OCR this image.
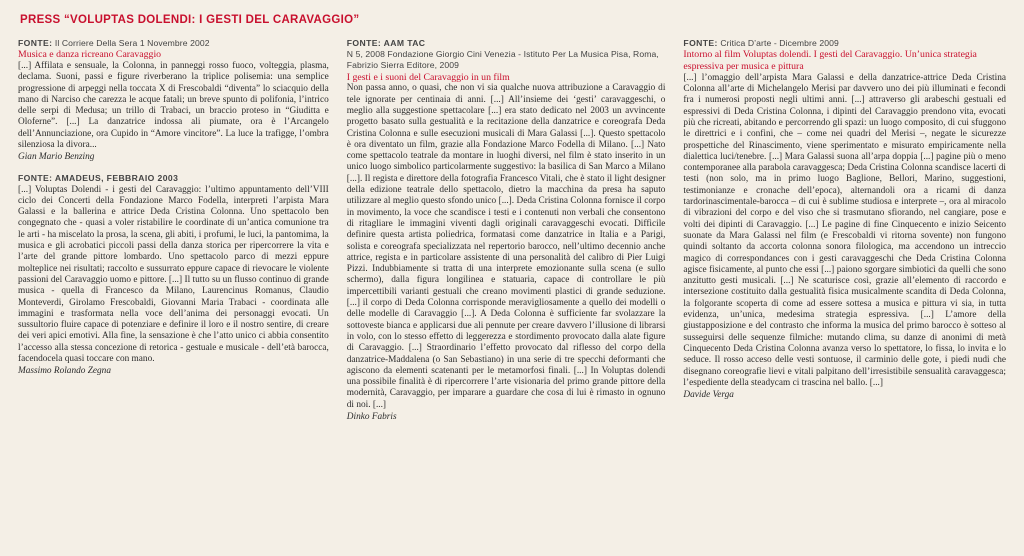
PRESS “VOLUPTAS DOLENDI: I GESTI DEL CARAVAGGIO”
FONTE: Il Corriere Della Sera 1 Novembre 2002
Musica e danza ricreano Caravaggio
[...] Affilata e sensuale, la Colonna, in panneggi rosso fuoco, volteggia, plasma, declama. Suoni, passi e figure riverberano la triplice polisemia: una semplice progressione di arpeggi nella toccata X di Frescobaldi “diventa” lo sciacquio della mano di Narciso che carezza le acque fatali; un breve spunto di polifonia, l’intrico delle serpi di Medusa; un trillo di Trabaci, un braccio proteso in “Giuditta e Oloferne”. [...] La danzatrice indossa ali piumate, ora è l’Arcangelo dell’Annunciazione, ora Cupido in “Amore vincitore”. La luce la trafigge, l’ombra silenziosa la divora...
Gian Mario Benzing
FONTE: AMADEUS, FEBBRAIO 2003
[...] Voluptas Dolendi - i gesti del Caravaggio: l’ultimo appuntamento dell’VIII ciclo dei Concerti della Fondazione Marco Fodella, interpreti l’arpista Mara Galassi e la ballerina e attrice Deda Cristina Colonna. Uno spettacolo ben congegnato che - quasi a voler ristabilire le coordinate di un’antica comunione tra le arti - ha miscelato la prosa, la scena, gli abiti, i profumi, le luci, la pantomima, la musica e gli acrobatici piccoli passi della danza storica per ripercorrere la vita e l’arte del grande pittore lombardo. Uno spettacolo parco di mezzi eppure molteplice nei risultati; raccolto e sussurrato eppure capace di rievocare le violente passioni del Caravaggio uomo e pittore. [...] Il tutto su un flusso continuo di grande musica - quella di Francesco da Milano, Laurencinus Romanus, Claudio Monteverdi, Girolamo Frescobaldi, Giovanni Maria Trabaci - coordinata alle immagini e trasformata nella voce dell’anima dei personaggi evocati. Un sussultorio fluire capace di potenziare e definire il loro e il nostro sentire, di creare dei veri apici emotivi. Alla fine, la sensazione è che l’atto unico ci abbia consentito l’accesso alla stessa concezione di retorica - gestuale e musicale - dell’età barocca, facendocela quasi toccare con mano.
Massimo Rolando Zegna
FONTE: AAM TAC
N 5, 2008 Fondazione Giorgio Cini Venezia - Istituto Per La Musica Pisa, Roma, Fabrizio Sierra Editore, 2009
I gesti e i suoni del Caravaggio in un film
Non passa anno, o quasi, che non vi sia qualche nuova attribuzione a Caravaggio di tele ignorate per centinaia di anni. [...] All’insieme dei ‘gesti’ caravaggeschi, o meglio alla suggestione spettacolare [...] era stato dedicato nel 2003 un avvincente progetto basato sulla gestualità e la recitazione della danzatrice e coreografa Deda Cristina Colonna e sulle esecuzioni musicali di Mara Galassi [...]. Questo spettacolo è ora diventato un film, grazie alla Fondazione Marco Fodella di Milano. [...] Nato come spettacolo teatrale da montare in luoghi diversi, nel film è stato inserito in un unico luogo simbolico particolarmente suggestivo: la basilica di San Marco a Milano [...]. Il regista e direttore della fotografia Francesco Vitali, che è stato il light designer della edizione teatrale dello spettacolo, dietro la macchina da presa ha saputo utilizzare al meglio questo sfondo unico [...]. Deda Cristina Colonna fornisce il corpo in movimento, la voce che scandisce i testi e i contenuti non verbali che consentono di ritagliare le immagini viventi dagli originali caravaggeschi evocati. Difficile definire questa artista poliedrica, formatasi come danzatrice in Italia e a Parigi, solista e coreografa specializzata nel repertorio barocco, nell’ultimo decennio anche attrice, regista e in particolare assistente di una personalità del calibro di Pier Luigi Pizzi. Indubbiamente si tratta di una interprete emozionante sulla scena (e sullo schermo), dalla figura longilinea e statuaria, capace di controllare le più impercettibili varianti gestuali che creano movimenti plastici di grande seduzione. [...] il corpo di Deda Colonna corrisponde meravigliosamente a quello dei modelli o delle modelle di Caravaggio [...]. A Deda Colonna è sufficiente far svolazzare la sottoveste bianca e applicarsi due ali pennute per creare davvero l’illusione di librarsi in volo, con lo stesso effetto di leggerezza e stordimento provocato dalla alate figure di Caravaggio. [...] Straordinario l’effetto provocato dal riflesso del corpo della danzatrice-Maddalena (o San Sebastiano) in una serie di tre specchi deformanti che agiscono da elementi scatenanti per le metamorfosi finali. [...] In Voluptas dolendi una possibile finalità è di ripercorrere l’arte visionaria del primo grande pittore della modernità, Caravaggio, per imparare a guardare che cosa di lui è rimasto in ognuno di noi. [...]
Dinko Fabris
FONTE: Critica D’arte - Dicembre 2009
Intorno al film Voluptas dolendi. I gesti del Caravaggio. Un’unica strategia espressiva per musica e pittura
[...] l’omaggio dell’arpista Mara Galassi e della danzatrice-attrice Deda Cristina Colonna all’arte di Michelangelo Merisi par davvero uno dei più illuminati e fecondi fra i numerosi proposti negli ultimi anni. [...] attraverso gli arabeschi gestuali ed espressivi di Deda Cristina Colonna, i dipinti del Caravaggio prendono vita, evocati più che ricreati, abitando e percorrendo gli spazi: un luogo composito, di cui sfuggono le direttrici e i confini, che – come nei quadri del Merisi –, negate le sicurezze prospettiche del Rinascimento, viene sperimentato e misurato empiricamente nella dialettica luci/tenebre. [...] Mara Galassi suona all’arpa doppia [...] pagine più o meno contemporanee alla parabola caravaggesca; Deda Cristina Colonna scandisce lacerti di testi (non solo, ma in primo luogo Baglione, Bellori, Marino, suggestioni, testimonianze e cronache dell’epoca), alternandoli ora a ricami di danza tardorinascimentale-barocca – di cui è sublime studiosa e interprete –, ora al miracolo di vibrazioni del corpo e del viso che si trasmutano sfiorando, nel cangiare, pose e volti dei dipinti di Caravaggio. [...] Le pagine di fine Cinquecento e inizio Seicento suonate da Mara Galassi nel film (e Frescobaldi vi ritorna sovente) non fungono quindi soltanto da accorta colonna sonora filologica, ma accendono un intreccio magico di correspondances con i gesti caravaggeschi che Deda Cristina Colonna agisce fisicamente, al punto che essi [...] paiono sgorgare simbioticì da quelli che sono anzitutto gesti musicali. [...] Ne scaturisce così, grazie all’elemento di raccordo e intersezione costituito dalla gestualità fisica musicalmente scandita di Deda Colonna, la folgorante scoperta di come ad essere sottesa a musica e pittura vi sia, in tutta evidenza, un’unica, medesima strategia espressiva. [...] L’amore della giustapposizione e del contrasto che informa la musica del primo barocco è sotteso al susseguirsi delle sequenze filmiche: mutando clima, su danze di anonimi di metà Cinquecento Deda Cristina Colonna avanza verso lo spettatore, lo fissa, lo invita e lo seduce. Il rosso acceso delle vesti sontuose, il carminio delle gote, i piedi nudi che disegnano coreografie lievi e vitali palpitano dell’irresistibile sensualità caravaggesca; l’espediente della steadycam ci trascina nel ballo. [...]
Davide Verga
